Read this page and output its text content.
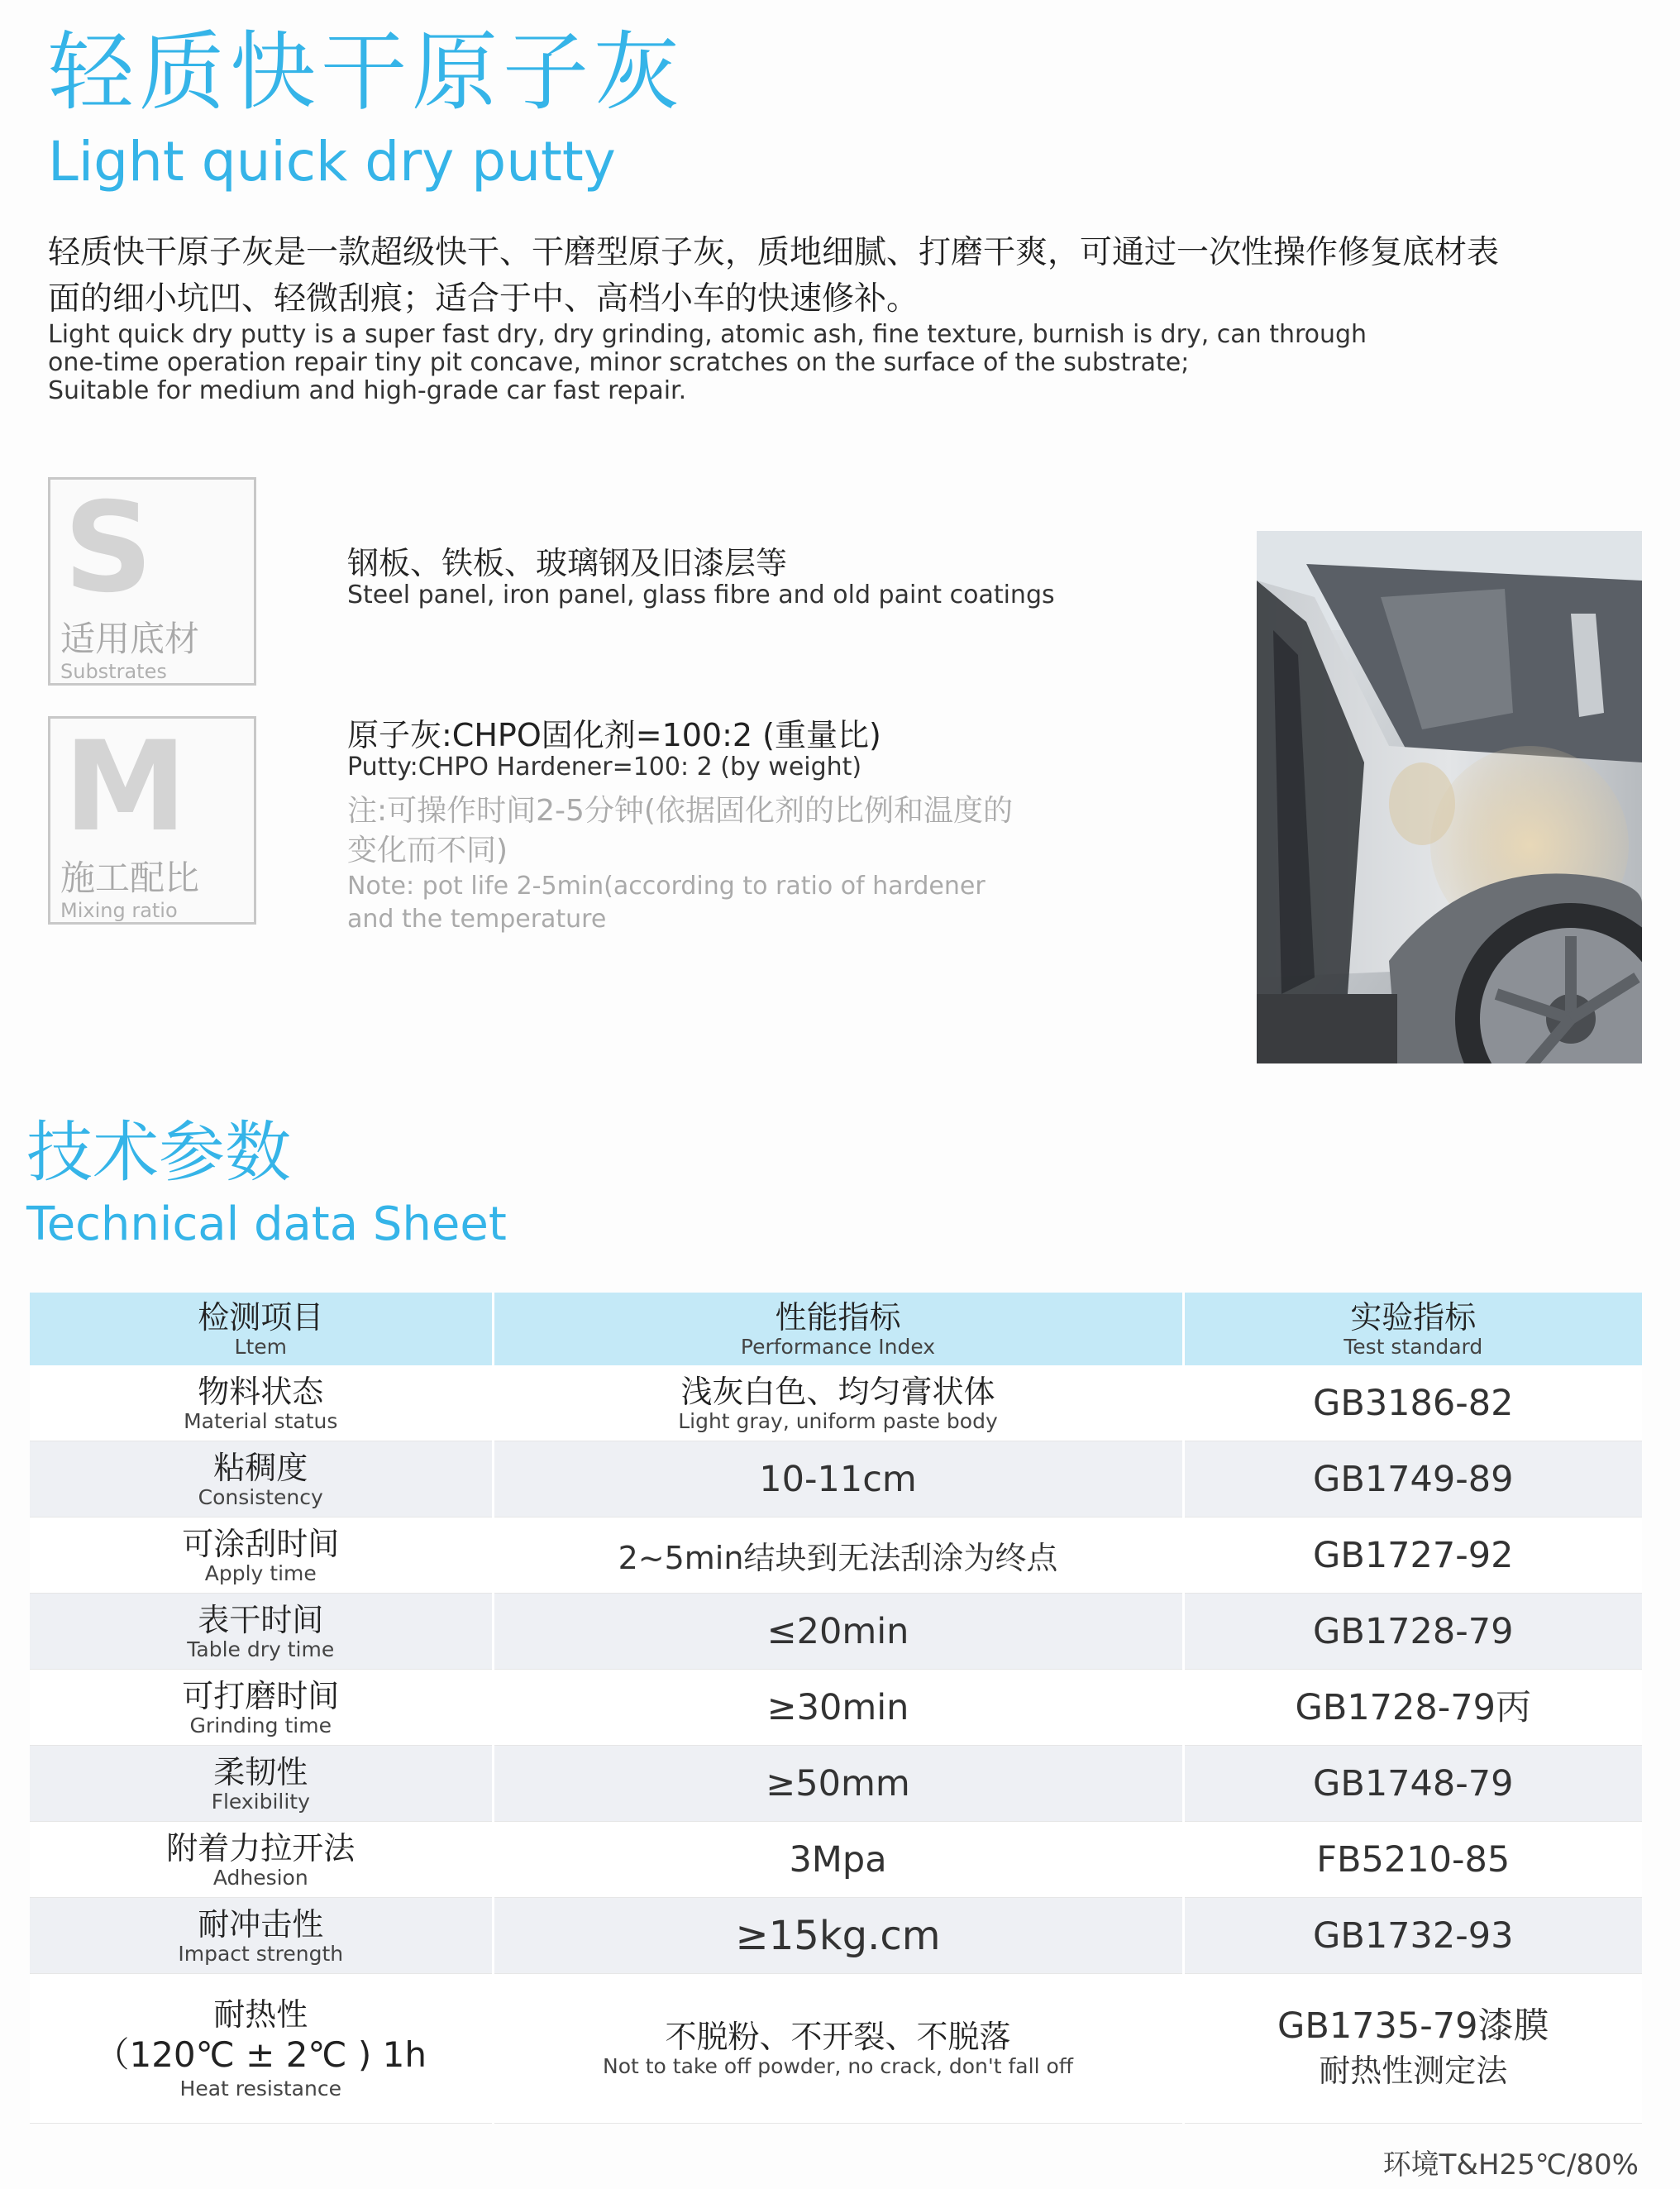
轻质快干原子灰
Light quick dry putty
轻质快干原子灰是一款超级快干、干磨型原子灰，质地细腻、打磨干爽，可通过一次性操作修复底材表面的细小坑凹、轻微刮痕；适合于中、高档小车的快速修补。
Light quick dry putty is a super fast dry, dry grinding, atomic ash, fine texture, burnish is dry, can through
one-time operation repair tiny pit concave, minor scratches on the surface of the substrate;
Suitable for medium and high-grade car fast repair.
S
适用底材
Substrates
钢板、铁板、玻璃钢及旧漆层等
Steel panel, iron panel, glass fibre and old paint coatings
M
施工配比
Mixing ratio
原子灰:CHPO固化剂=100:2 (重量比)
Putty:CHPO Hardener=100: 2 (by weight)
注:可操作时间2-5分钟(依据固化剂的比例和温度的
变化而不同)
Note: pot life 2-5min(according to ratio of hardener
and the temperature
技术参数
Technical data Sheet
检测项目
Ltem	性能指标
Performance Index	实验指标
Test standard

物料状态
Material status	浅灰白色、均匀膏状体
Light gray, uniform paste body	GB3186-82

粘稠度
Consistency	10-11cm	GB1749-89

可涂刮时间
Apply time	2~5min结块到无法刮涂为终点	GB1727-92

表干时间
Table dry time	≤20min	GB1728-79

可打磨时间
Grinding time	≥30min	GB1728-79丙

柔韧性
Flexibility	≥50mm	GB1748-79

附着力拉开法
Adhesion	3Mpa	FB5210-85

耐冲击性
Impact strength	≥15kg.cm	GB1732-93

耐热性
（120℃ ± 2℃ ) 1h
Heat resistance	不脱粉、不开裂、不脱落
Not to take off powder, no crack, don't fall off	GB1735-79漆膜
耐热性测定法
环境T&H25℃/80%
